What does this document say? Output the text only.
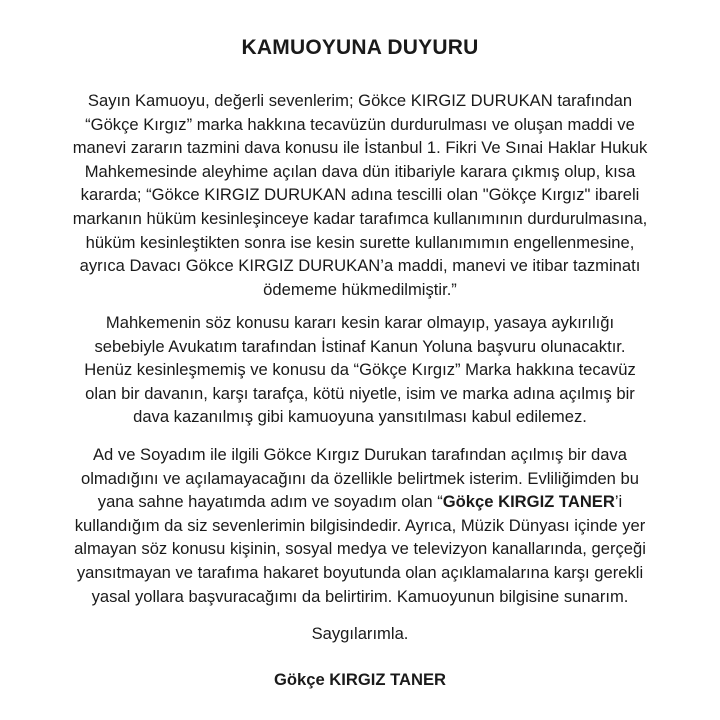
KAMUOYUNA DUYURU
Sayın Kamuoyu, değerli sevenlerim; Gökce KIRGIZ DURUKAN tarafından
“Gökçe Kırgız” marka hakkına tecavüzün durdurulması ve oluşan maddi ve
manevi zararın tazmini dava konusu ile İstanbul 1. Fikri Ve Sınai Haklar Hukuk
Mahkemesinde aleyhime açılan dava dün itibariyle karara çıkmış olup, kısa
kararda; “Gökce KIRGIZ DURUKAN adına tescilli olan "Gökçe Kırgız" ibareli
markanın hüküm kesinleşinceye kadar tarafımca kullanımının durdurulmasına,
hüküm kesinleştikten sonra ise kesin surette kullanımımın engellenmesine,
ayrıca Davacı Gökce KIRGIZ DURUKAN’a maddi, manevi ve itibar tazminatı
ödememe hükmedilmiştir.”
Mahkemenin söz konusu kararı kesin karar olmayıp, yasaya aykırılığı
sebebiyle Avukatım tarafından İstinaf Kanun Yoluna başvuru olunacaktır.
Henüz kesinleşmemiş ve konusu da “Gökçe Kırgız” Marka hakkına tecavüz
olan bir davanın, karşı tarafça, kötü niyetle, isim ve marka adına açılmış bir
dava kazanılmış gibi kamuoyuna yansıtılması kabul edilemez.
Ad ve Soyadım ile ilgili Gökce Kırgız Durukan tarafından açılmış bir dava
olmadığını ve açılamayacağını da özellikle belirtmek isterim. Evliliğimden bu
yana sahne hayatımda adım ve soyadım olan “Gökçe KIRGIZ TANER’i
kullandığım da siz sevenlerimin bilgisindedir. Ayrıca, Müzik Dünyası içinde yer
almayan söz konusu kişinin, sosyal medya ve televizyon kanallarında, gerçeği
yansıtmayan ve tarafıma hakaret boyutunda olan açıklamalarına karşı gerekli
yasal yollara başvuracağımı da belirtirim. Kamuoyunun bilgisine sunarım.
Saygılarımla.
Gökçe KIRGIZ TANER
